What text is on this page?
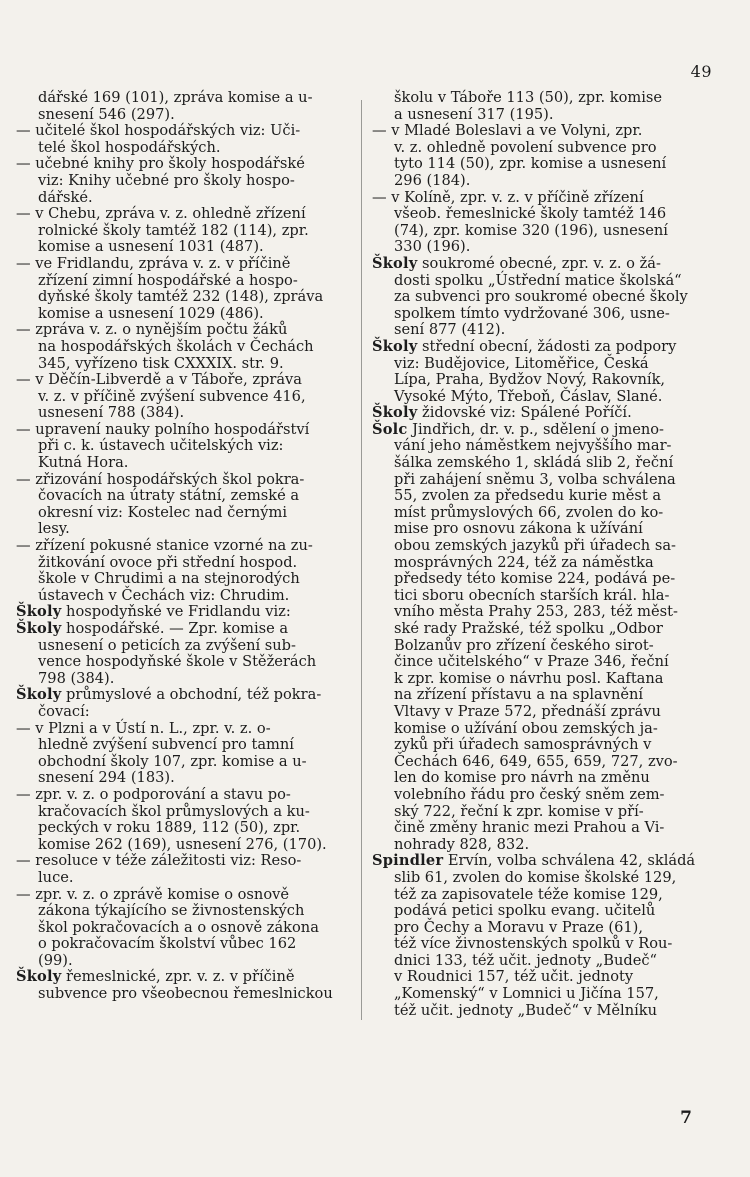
49
dářské 169 (101), zpráva komise a u-
snesení 546 (297).
— učitelé škol hospodářských viz: Uči-
telé škol hospodářských.
— učebné knihy pro školy hospodářské
viz: Knihy učebné pro školy hospo-
dářské.
— v Chebu, zpráva v. z. ohledně zřízení
rolnické školy tamtéž 182 (114), zpr.
komise a usnesení 1031 (487).
— ve Fridlandu, zpráva v. z. v příčině
zřízení zimní hospodářské a hospo-
dyňské školy tamtéž 232 (148), zpráva
komise a usnesení 1029 (486).
— zpráva v. z. o nynějším počtu žáků
na hospodářských školách v Čechách
345, vyřízeno tisk CXXXIX. str. 9.
— v Děčín-Libverdě a v Táboře, zpráva
v. z. v příčině zvýšení subvence 416,
usnesení 788 (384).
— upravení nauky polního hospodářství
při c. k. ústavech učitelských viz:
Kutná Hora.
— zřizování hospodářských škol pokra-
čovacích na útraty státní, zemské a
okresní viz: Kostelec nad černými
lesy.
— zřízení pokusné stanice vzorné na zu-
žitkování ovoce při střední hospod.
škole v Chrudimi a na stejnorodých
ústavech v Čechách viz: Chrudim.
Školy hospodyňské ve Fridlandu viz:
Školy hospodářské. — Zpr. komise a
usnesení o peticích za zvýšení sub-
vence hospodyňské škole v Stěžerách
798 (384).
Školy průmyslové a obchodní, též pokra-
čovací:
— v Plzni a v Ústí n. L., zpr. v. z. o-
hledně zvýšení subvencí pro tamní
obchodní školy 107, zpr. komise a u-
snesení 294 (183).
— zpr. v. z. o podporování a stavu po-
kračovacích škol průmyslových a ku-
peckých v roku 1889, 112 (50), zpr.
komise 262 (169), usnesení 276, (170).
— resoluce v téže záležitosti viz: Reso-
luce.
— zpr. v. z. o zprávě komise o osnově
zákona týkajícího se živnostenských
škol pokračovacích a o osnově zákona
o pokračovacím školství vůbec 162
(99).
Školy řemeslnické, zpr. v. z. v příčině
subvence pro všeobecnou řemeslnickou
školu v Táboře 113 (50), zpr. komise
a usnesení 317 (195).
— v Mladé Boleslavi a ve Volyni, zpr.
v. z. ohledně povolení subvence pro
tyto 114 (50), zpr. komise a usnesení
296 (184).
— v Kolíně, zpr. v. z. v příčině zřízení
všeob. řemeslnické školy tamtéž 146
(74), zpr. komise 320 (196), usnesení
330 (196).
Školy soukromé obecné, zpr. v. z. o žá-
dosti spolku „Ústřední matice školská“
za subvenci pro soukromé obecné školy
spolkem tímto vydržované 306, usne-
sení 877 (412).
Školy střední obecní, žádosti za podpory
viz: Budějovice, Litoměřice, Česká
Lípa, Praha, Bydžov Nový, Rakovník,
Vysoké Mýto, Třeboň, Čáslav, Slané.
Školy židovské viz: Spálené Poříčí.
Šolc Jindřich, dr. v. p., sdělení o jmeno-
vání jeho náměstkem nejvyššího mar-
šálka zemského 1, skládá slib 2, řeční
při zahájení sněmu 3, volba schválena
55, zvolen za předsedu kurie měst a
míst průmyslových 66, zvolen do ko-
mise pro osnovu zákona k užívání
obou zemských jazyků při úřadech sa-
mosprávných 224, též za náměstka
předsedy této komise 224, podává pe-
tici sboru obecních starších král. hla-
vního města Prahy 253, 283, též měst-
ské rady Pražské, též spolku „Odbor
Bolzanův pro zřízení českého sirot-
čince učitelského“ v Praze 346, řeční
k zpr. komise o návrhu posl. Kaftana
na zřízení přístavu a na splavnění
Vltavy v Praze 572, přednáší zprávu
komise o užívání obou zemských ja-
zyků při úřadech samosprávných v
Čechách 646, 649, 655, 659, 727, zvo-
len do komise pro návrh na změnu
volebního řádu pro český sněm zem-
ský 722, řeční k zpr. komise v pří-
čině změny hranic mezi Prahou a Vi-
nohrady 828, 832.
Spindler Ervín, volba schválena 42, skládá
slib 61, zvolen do komise školské 129,
též za zapisovatele téže komise 129,
podává petici spolku evang. učitelů
pro Čechy a Moravu v Praze (61),
též více živnostenských spolků v Rou-
dnici 133, též učit. jednoty „Budeč“
v Roudnici 157, též učit. jednoty
„Komenský“ v Lomnici u Jičína 157,
též učit. jednoty „Budeč“ v Mělníku
7
